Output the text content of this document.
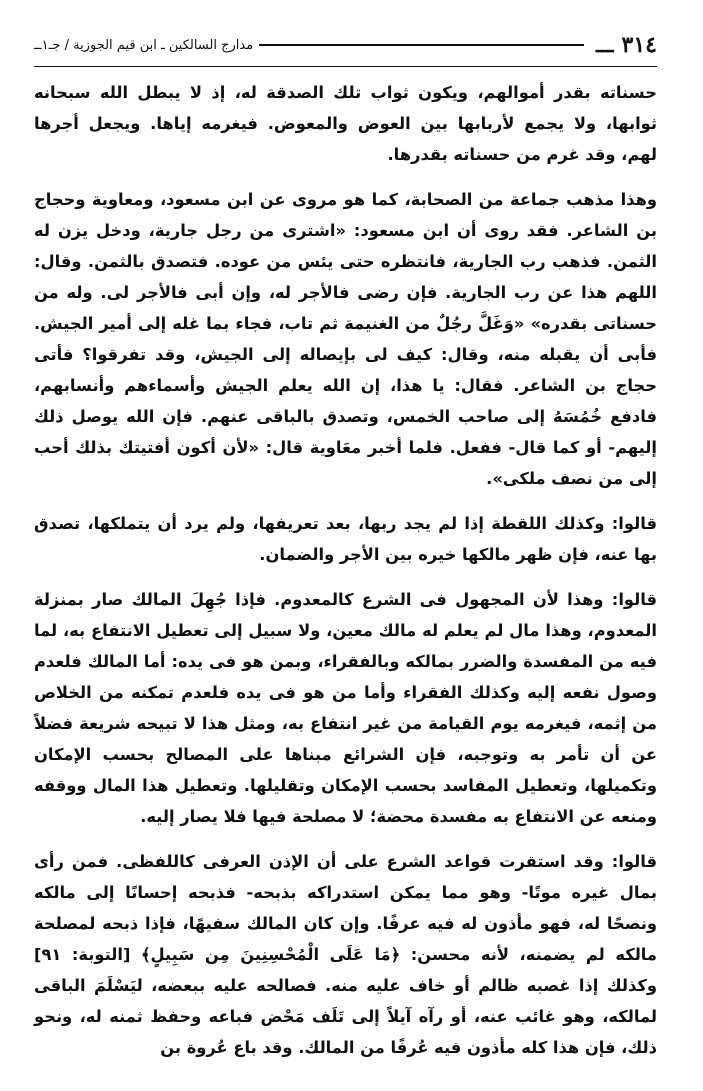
٣١٤
ـــ
مدارج السالكين ـ ابن قيم الجوزية / جـ١ــ

حسناته بقدر أموالهم، ويكون ثواب تلك الصدقة له، إذ لا يبطل الله سبحانه ثوابها، ولا يجمع لأربابها بين العوض والمعوض. فيغرمه إياها. ويجعل أجرها لهم، وقد غرم من حسناته بقدرها.

وهذا مذهب جماعة من الصحابة، كما هو مروى عن ابن مسعود، ومعاوية وحجاج بن الشاعر. فقد روى أن ابن مسعود: «اشترى من رجل جارية، ودخل يزن له الثمن. فذهب رب الجارية، فانتظره حتى يئس من عوده. فتصدق بالثمن. وقال: اللهم هذا عن رب الجارية. فإن رضى فالأجر له، وإن أبى فالأجر لى. وله من حسناتى بقدره» «وَغَلَّ رجُلٌ من الغنيمة ثم تاب، فجاء بما غله إلى أمير الجيش. فأبى أن يقبله منه، وقال: كيف لى بإيصاله إلى الجيش، وقد تفرقوا؟ فأتى حجاج بن الشاعر. فقال: يا هذا، إن الله يعلم الجيش وأسماءهم وأنسابهم، فادفع خُمُسَهُ إلى صاحب الخمس، وتصدق بالباقى عنهم. فإن الله يوصل ذلك إليهم- أو كما قال- ففعل. فلما أخبر معَاوية قال: «لأن أكون أفتيتك بذلك أحب إلى من نصف ملكى».

قالوا: وكذلك اللقطة إذا لم يجد ربها، بعد تعريفها، ولم يرد أن يتملكها، تصدق بها عنه، فإن ظهر مالكها خيره بين الأجر والضمان.

قالوا: وهذا لأن المجهول فى الشرع كالمعدوم. فإذا جُهِلَ المالك صار بمنزلة المعدوم، وهذا مال لم يعلم له مالك معين، ولا سبيل إلى تعطيل الانتفاع به، لما فيه من المفسدة والضرر بمالكه وبالفقراء، وبمن هو فى يده: أما المالك فلعدم وصول نفعه إليه وكذلك الفقراء وأما من هو فى يده فلعدم تمكنه من الخلاص من إثمه، فيغرمه يوم القيامة من غير انتفاع به، ومثل هذا لا تبيحه شريعة فضلاً عن أن تأمر به وتوجبه، فإن الشرائع مبناها على المصالح بحسب الإمكان وتكميلها، وتعطيل المفاسد بحسب الإمكان وتقليلها. وتعطيل هذا المال ووقفه ومنعه عن الانتفاع به مفسدة محضة؛ لا مصلحة فيها فلا يصار إليه.

قالوا: وقد استقرت قواعد الشرع على أن الإذن العرفى كاللفظى. فمن رأى بمال غيره موتًا- وهو مما يمكن استدراكه بذبحه- فذبحه إحسانًا إلى مالكه ونصحًا له، فهو مأذون له فيه عرفًا. وإن كان المالك سفيهًا، فإذا ذبحه لمصلحة مالكه لم يضمنه، لأنه محسن: ﴿مَا عَلَى الْمُحْسِنِينَ مِن سَبِيلٍ﴾ [التوبة: ٩١] وكذلك إذا غصبه ظالم أو خاف عليه منه. فصالحه عليه ببعضه، ليَسْلَمَ الباقى لمالكه، وهو غائب عنه، أو رآه آيلاً إلى تَلَف مَحْض فباعه وحفظ ثمنه له، ونحو ذلك، فإن هذا كله مأذون فيه عُرفًا من المالك. وقد باع عُروة بن
